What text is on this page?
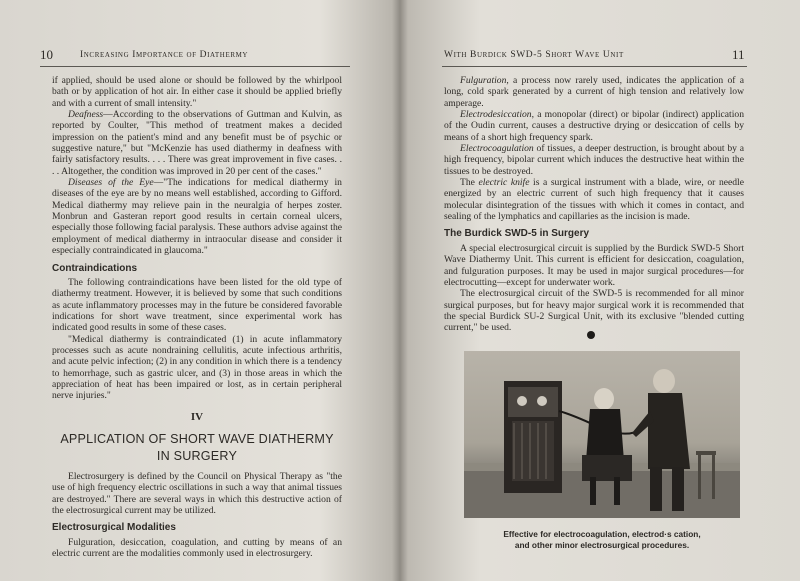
10	Increasing Importance of Diathermy

if applied, should be used alone or should be followed by the whirlpool bath or by application of hot air. In either case it should be applied briefly and with a current of small intensity."

Deafness—According to the observations of Guttman and Kulvin, as reported by Coulter, "This method of treatment makes a decided impression on the patient's mind and any benefit must be of psychic or suggestive nature," but "McKenzie has used diathermy in deafness with fairly satisfactory results. . . . There was great improvement in five cases. . . . Altogether, the condition was improved in 20 per cent of the cases."

Diseases of the Eye—"The indications for medical diathermy in diseases of the eye are by no means well established, according to Gifford. Medical diathermy may relieve pain in the neuralgia of herpes zoster. Monbrun and Gasteran report good results in certain corneal ulcers, especially those following facial paralysis. These authors advise against the employment of medical diathermy in intraocular disease and consider it especially contraindicated in glaucoma."

Contraindications

The following contraindications have been listed for the old type of diathermy treatment. However, it is believed by some that such conditions as acute inflammatory processes may in the future be considered favorable indications for short wave treatment, since experimental work has indicated good results in some of these cases.

"Medical diathermy is contraindicated (1) in acute inflammatory processes such as acute nondraining cellulitis, acute infectious arthritis, and acute pelvic infection; (2) in any condition in which there is a tendency to hemorrhage, such as gastric ulcer, and (3) in those areas in which the appreciation of heat has been impaired or lost, as in certain peripheral nerve injuries."

IV
APPLICATION OF SHORT WAVE DIATHERMY
IN SURGERY

Electrosurgery is defined by the Council on Physical Therapy as "the use of high frequency electric oscillations in such a way that animal tissues are destroyed." There are several ways in which this destructive action of the electrosurgical current may be utilized.

Electrosurgical Modalities

Fulguration, desiccation, coagulation, and cutting by means of an electric current are the modalities commonly used in electrosurgery.

With Burdick SWD-5 Short Wave Unit	11

Fulguration, a process now rarely used, indicates the application of a long, cold spark generated by a current of high tension and relatively low amperage.

Electrodesiccation, a monopolar (direct) or bipolar (indirect) application of the Oudin current, causes a destructive drying or desiccation of cells by means of a short high frequency spark.

Electrocoagulation of tissues, a deeper destruction, is brought about by a high frequency, bipolar current which induces the destructive heat within the tissues to be destroyed.

The electric knife is a surgical instrument with a blade, wire, or needle energized by an electric current of such high frequency that it causes molecular disintegration of the tissues with which it comes in contact, and sealing of the lymphatics and capillaries as the incision is made.

The Burdick SWD-5 in Surgery

A special electrosurgical circuit is supplied by the Burdick SWD-5 Short Wave Diathermy Unit. This current is efficient for desiccation, coagulation, and fulguration purposes. It may be used in major surgical procedures—for electrocutting—except for underwater work.

The electrosurgical circuit of the SWD-5 is recommended for all minor surgical purposes, but for heavy major surgical work it is recommended that the special Burdick SU-2 Surgical Unit, with its exclusive "blended cutting current," be used.

Effective for electrocoagulation, electrod·s cation,
and other minor electrosurgical procedures.
